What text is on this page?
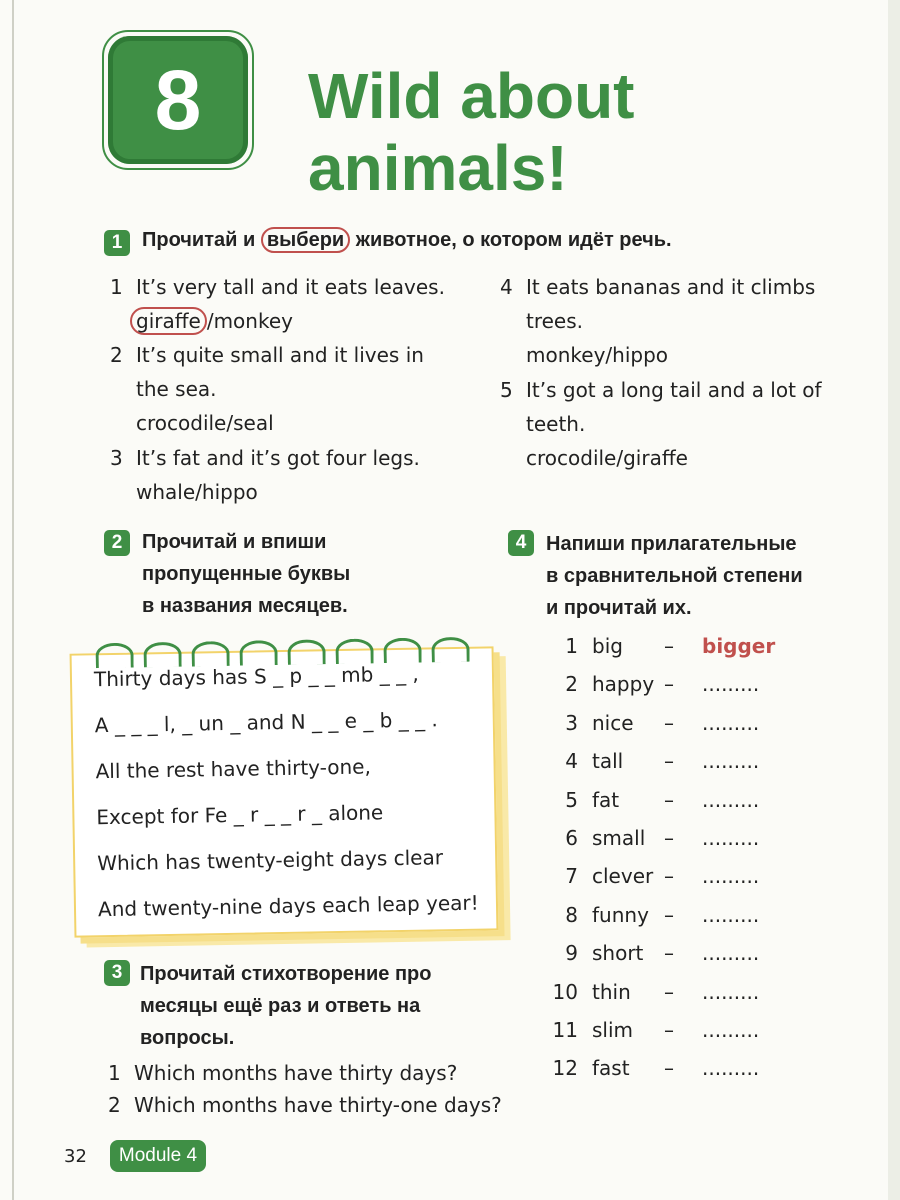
8	Wild about
animals!
1 Прочитай и выбери животное, о котором идёт речь.
1 It’s very tall and it eats leaves.
giraffe /monkey
2 It’s quite small and it lives in
the sea.
crocodile/seal
3 It’s fat and it’s got four legs.
whale/hippo
4 It eats bananas and it climbs
trees.
monkey/hippo
5 It’s got a long tail and a lot of
teeth.
crocodile/giraffe
2 Прочитай и впиши
пропущенные буквы
в названия месяцев.
Thirty days has S _ p _ _ mb _ _ ,
A _ _ _ l, _ un _ and N _ _ e _ b _ _ .
All the rest have thirty-one,
Except for Fe _ r _ _ r _ alone
Which has twenty-eight days clear
And twenty-nine days each leap year!
3 Прочитай стихотворение про
месяцы ещё раз и ответь на
вопросы.
1 Which months have thirty days?
2 Which months have thirty-one days?
4 Напиши прилагательные
в сравнительной степени
и прочитай их.
1 big – bigger
2 happy – .........
3 nice – .........
4 tall – .........
5 fat – .........
6 small – .........
7 clever – .........
8 funny – .........
9 short – .........
10 thin – .........
11 slim – .........
12 fast – .........
32	Module 4
